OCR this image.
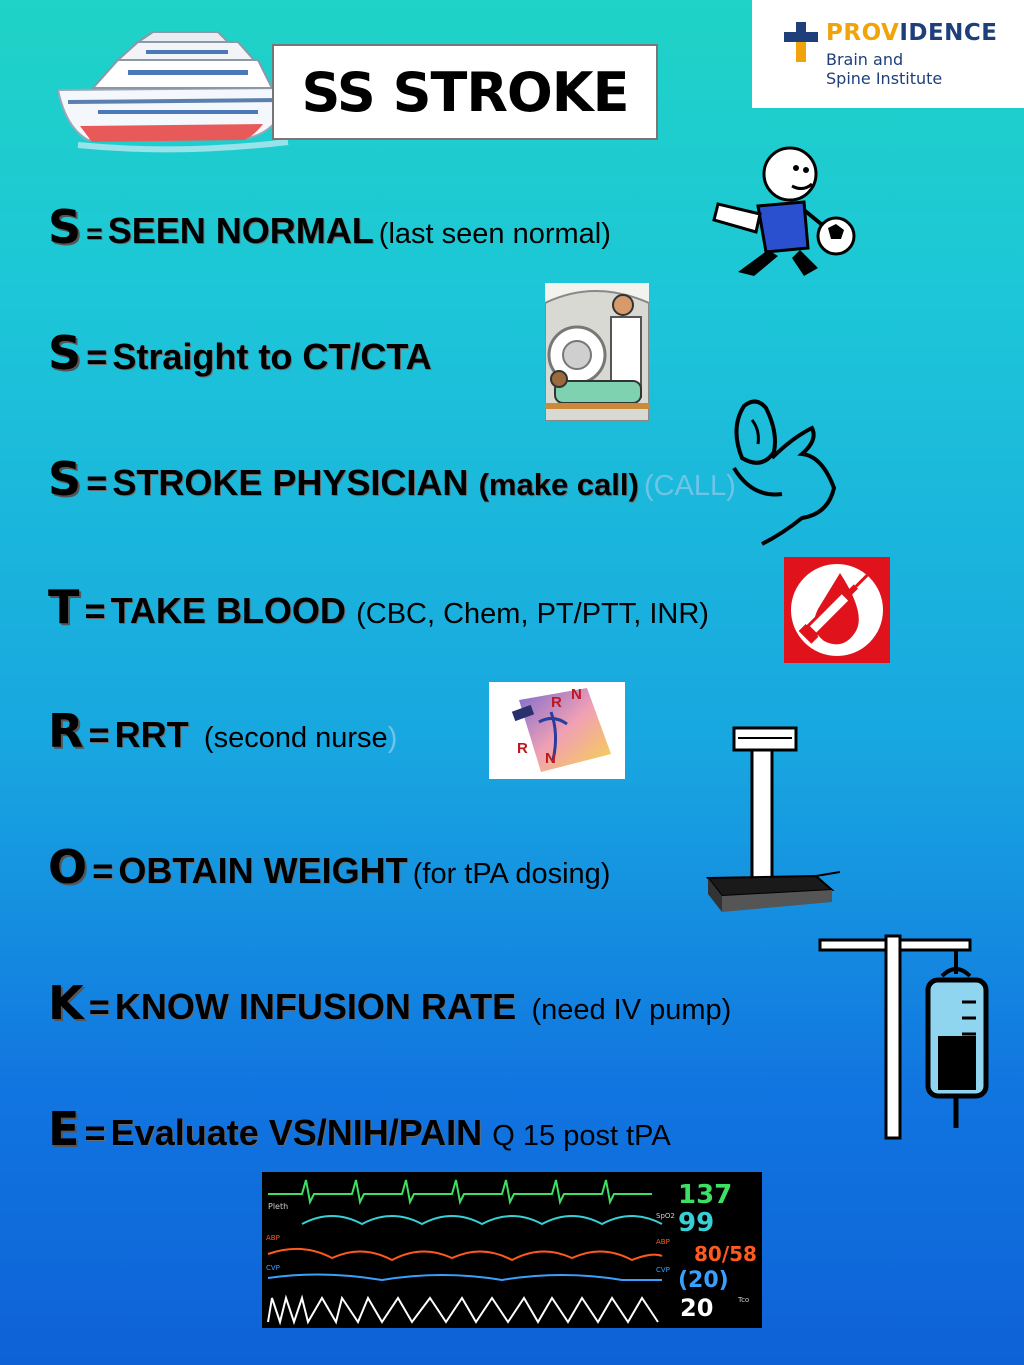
SS STROKE
PROVIDENCE
Brain and
Spine Institute
S = SEEN NORMAL (last seen normal)
S = Straight to CT/CTA
S = STROKE PHYSICIAN (make call) (CALL)
T = TAKE BLOOD (CBC, Chem, PT/PTT, INR)
R = RRT (second nurse)
O = OBTAIN WEIGHT (for tPA dosing)
K = KNOW INFUSION RATE (need IV pump)
E = Evaluate VS/NIH/PAIN Q 15 post tPA
R N
R
N
Pleth
ABP
CVP
SpO2
ABP
CVP
Tco
137
99
80/58
(20)
20
